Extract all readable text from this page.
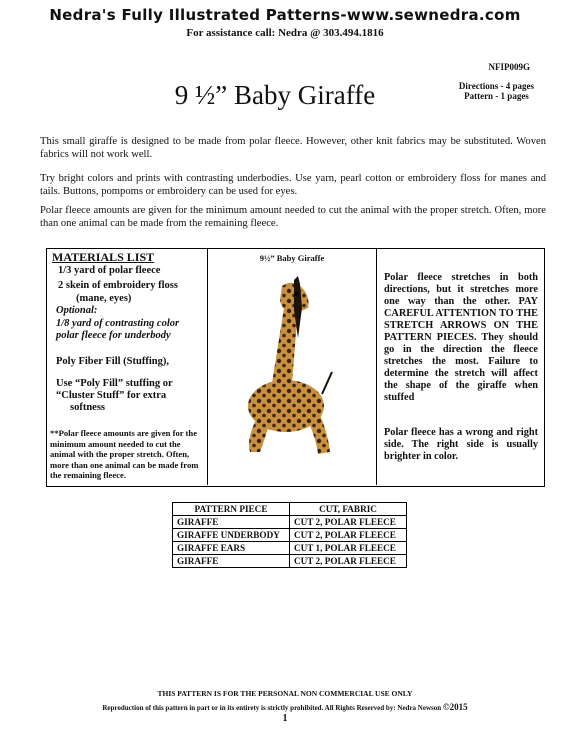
Nedra's Fully Illustrated Patterns-www.sewnedra.com
For assistance call: Nedra @ 303.494.1816
9 ½” Baby Giraffe
NFIP009G
Directions - 4 pages
Pattern - 1 pages
This small giraffe is designed to be made from polar fleece. However, other knit fabrics may be substituted. Woven fabrics will not work well.
Try bright colors and prints with contrasting underbodies. Use yarn, pearl cotton or embroidery floss for manes and tails. Buttons, pompoms or embroidery can be used for eyes.
Polar fleece amounts are given for the minimum amount needed to cut the animal with the proper stretch. Often, more than one animal can be made from the remaining fleece.
MATERIALS LIST
1/3 yard of polar fleece
2 skein of embroidery floss
(mane, eyes)
Optional:
1/8 yard of contrasting color
polar fleece for underbody
Poly Fiber Fill (Stuffing),
Use “Poly Fill” stuffing or
“Cluster Stuff” for extra
softness
**Polar fleece amounts are given for the minimum amount needed to cut the animal with the proper stretch. Often, more than one animal can be made from the remaining fleece.
9½” Baby Giraffe
Polar fleece stretches in both directions, but it stretches more one way than the other. PAY CAREFUL ATTENTION TO THE STRETCH ARROWS ON THE PATTERN PIECES. They should go in the direction the fleece stretches the most. Failure to determine the stretch will affect the shape of the giraffe when stuffed
Polar fleece has a wrong and right side. The right side is usually brighter in color.
PATTERN PIECE	CUT, FABRIC
GIRAFFE	CUT 2, POLAR FLEECE
GIRAFFE UNDERBODY	CUT 2, POLAR FLEECE
GIRAFFE EARS	CUT 1, POLAR FLEECE
GIRAFFE	CUT 2, POLAR FLEECE
THIS PATTERN IS FOR THE PERSONAL NON COMMERCIAL USE ONLY
Reproduction of this pattern in part or in its entirety is strictly prohibited. All Rights Reserved by: Nedra Newson ©2015
1
